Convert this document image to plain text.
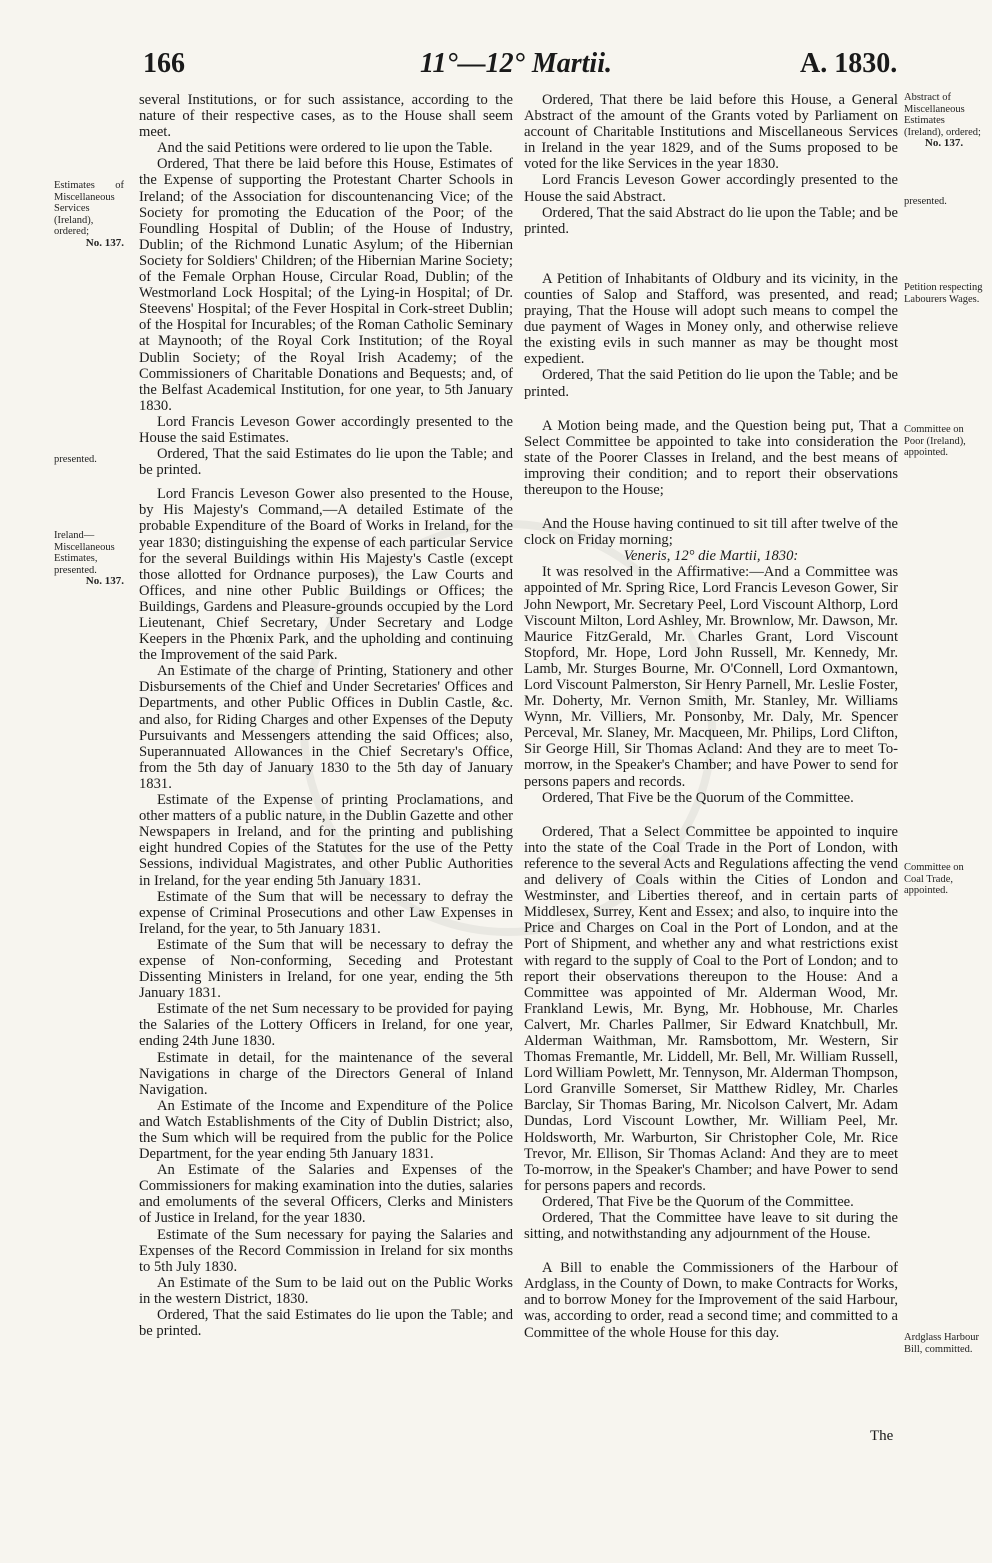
166	11°—12° Martii.	A. 1830.

several Institutions, or for such assistance, according to the nature of their respective cases, as to the House shall seem meet.

And the said Petitions were ordered to lie upon the Table.

Ordered, That there be laid before this House, Estimates of the Expense of supporting the Protestant Charter Schools in Ireland; of the Association for discountenancing Vice; of the Society for promoting the Education of the Poor; of the Foundling Hospital of Dublin; of the House of Industry, Dublin; of the Richmond Lunatic Asylum; of the Hibernian Society for Soldiers' Children; of the Hibernian Marine Society; of the Female Orphan House, Circular Road, Dublin; of the Westmorland Lock Hospital; of the Lying-in Hospital; of Dr. Steevens' Hospital; of the Fever Hospital in Cork-street Dublin; of the Hospital for Incurables; of the Roman Catholic Seminary at Maynooth; of the Royal Cork Institution; of the Royal Dublin Society; of the Royal Irish Academy; of the Commissioners of Charitable Donations and Bequests; and, of the Belfast Academical Institution, for one year, to 5th January 1830.

Lord Francis Leveson Gower accordingly presented to the House the said Estimates.

Ordered, That the said Estimates do lie upon the Table; and be printed.

Lord Francis Leveson Gower also presented to the House, by His Majesty's Command,—A detailed Estimate of the probable Expenditure of the Board of Works in Ireland, for the year 1830; distinguishing the expense of each particular Service for the several Buildings within His Majesty's Castle (except those allotted for Ordnance purposes), the Law Courts and Offices, and nine other Public Buildings or Offices; the Buildings, Gardens and Pleasure-grounds occupied by the Lord Lieutenant, Chief Secretary, Under Secretary and Lodge Keepers in the Phœnix Park, and the upholding and continuing the Improvement of the said Park.

An Estimate of the charge of Printing, Stationery and other Disbursements of the Chief and Under Secretaries' Offices and Departments, and other Public Offices in Dublin Castle, &c. and also, for Riding Charges and other Expenses of the Deputy Pursuivants and Messengers attending the said Offices; also, Superannuated Allowances in the Chief Secretary's Office, from the 5th day of January 1830 to the 5th day of January 1831.

Estimate of the Expense of printing Proclamations, and other matters of a public nature, in the Dublin Gazette and other Newspapers in Ireland, and for the printing and publishing eight hundred Copies of the Statutes for the use of the Petty Sessions, individual Magistrates, and other Public Authorities in Ireland, for the year ending 5th January 1831.

Estimate of the Sum that will be necessary to defray the expense of Criminal Prosecutions and other Law Expenses in Ireland, for the year, to 5th January 1831.

Estimate of the Sum that will be necessary to defray the expense of Non-conforming, Seceding and Protestant Dissenting Ministers in Ireland, for one year, ending the 5th January 1831.

Estimate of the net Sum necessary to be provided for paying the Salaries of the Lottery Officers in Ireland, for one year, ending 24th June 1830.

Estimate in detail, for the maintenance of the several Navigations in charge of the Directors General of Inland Navigation.

An Estimate of the Income and Expenditure of the Police and Watch Establishments of the City of Dublin District; also, the Sum which will be required from the public for the Police Department, for the year ending 5th January 1831.

An Estimate of the Salaries and Expenses of the Commissioners for making examination into the duties, salaries and emoluments of the several Officers, Clerks and Ministers of Justice in Ireland, for the year 1830.

Estimate of the Sum necessary for paying the Salaries and Expenses of the Record Commission in Ireland for six months to 5th July 1830.

An Estimate of the Sum to be laid out on the Public Works in the western District, 1830.

Ordered, That the said Estimates do lie upon the Table; and be printed.

Estimates of Miscellaneous Services (Ireland), ordered;
No. 137.
presented.
Ireland—Miscellaneous Estimates, presented.
No. 137.

Ordered, That there be laid before this House, a General Abstract of the amount of the Grants voted by Parliament on account of Charitable Institutions and Miscellaneous Services in Ireland in the year 1829, and of the Sums proposed to be voted for the like Services in the year 1830.

Lord Francis Leveson Gower accordingly presented to the House the said Abstract.

Ordered, That the said Abstract do lie upon the Table; and be printed.

A Petition of Inhabitants of Oldbury and its vicinity, in the counties of Salop and Stafford, was presented, and read; praying, That the House will adopt such means to compel the due payment of Wages in Money only, and otherwise relieve the existing evils in such manner as may be thought most expedient.

Ordered, That the said Petition do lie upon the Table; and be printed.

A Motion being made, and the Question being put, That a Select Committee be appointed to take into consideration the state of the Poorer Classes in Ireland, and the best means of improving their condition; and to report their observations thereupon to the House;

And the House having continued to sit till after twelve of the clock on Friday morning;

Veneris, 12° die Martii, 1830:

It was resolved in the Affirmative:—And a Committee was appointed of Mr. Spring Rice, Lord Francis Leveson Gower, Sir John Newport, Mr. Secretary Peel, Lord Viscount Althorp, Lord Viscount Milton, Lord Ashley, Mr. Brownlow, Mr. Dawson, Mr. Maurice FitzGerald, Mr. Charles Grant, Lord Viscount Stopford, Mr. Hope, Lord John Russell, Mr. Kennedy, Mr. Lamb, Mr. Sturges Bourne, Mr. O'Connell, Lord Oxmantown, Lord Viscount Palmerston, Sir Henry Parnell, Mr. Leslie Foster, Mr. Doherty, Mr. Vernon Smith, Mr. Stanley, Mr. Williams Wynn, Mr. Villiers, Mr. Ponsonby, Mr. Daly, Mr. Spencer Perceval, Mr. Slaney, Mr. Macqueen, Mr. Philips, Lord Clifton, Sir George Hill, Sir Thomas Acland: And they are to meet To-morrow, in the Speaker's Chamber; and have Power to send for persons papers and records.

Ordered, That Five be the Quorum of the Committee.

Ordered, That a Select Committee be appointed to inquire into the state of the Coal Trade in the Port of London, with reference to the several Acts and Regulations affecting the vend and delivery of Coals within the Cities of London and Westminster, and Liberties thereof, and in certain parts of Middlesex, Surrey, Kent and Essex; and also, to inquire into the Price and Charges on Coal in the Port of London, and at the Port of Shipment, and whether any and what restrictions exist with regard to the supply of Coal to the Port of London; and to report their observations thereupon to the House: And a Committee was appointed of Mr. Alderman Wood, Mr. Frankland Lewis, Mr. Byng, Mr. Hobhouse, Mr. Charles Calvert, Mr. Charles Pallmer, Sir Edward Knatchbull, Mr. Alderman Waithman, Mr. Ramsbottom, Mr. Western, Sir Thomas Fremantle, Mr. Liddell, Mr. Bell, Mr. William Russell, Lord William Powlett, Mr. Tennyson, Mr. Alderman Thompson, Lord Granville Somerset, Sir Matthew Ridley, Mr. Charles Barclay, Sir Thomas Baring, Mr. Nicolson Calvert, Mr. Adam Dundas, Lord Viscount Lowther, Mr. William Peel, Mr. Holdsworth, Mr. Warburton, Sir Christopher Cole, Mr. Rice Trevor, Mr. Ellison, Sir Thomas Acland: And they are to meet To-morrow, in the Speaker's Chamber; and have Power to send for persons papers and records.

Ordered, That Five be the Quorum of the Committee.

Ordered, That the Committee have leave to sit during the sitting, and notwithstanding any adjournment of the House.

A Bill to enable the Commissioners of the Harbour of Ardglass, in the County of Down, to make Contracts for Works, and to borrow Money for the Improvement of the said Harbour, was, according to order, read a second time; and committed to a Committee of the whole House for this day.

Abstract of Miscellaneous Estimates (Ireland), ordered;
No. 137.
presented.
Petition respecting Labourers Wages.
Committee on Poor (Ireland), appointed.
Committee on Coal Trade, appointed.
Ardglass Harbour Bill, committed.
The
